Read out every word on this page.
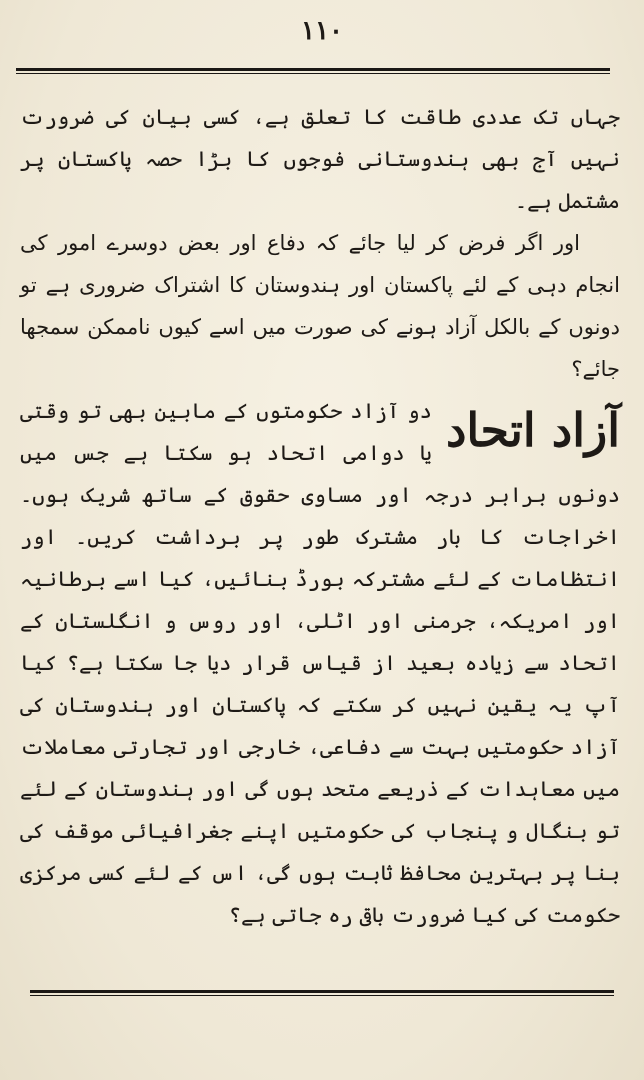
۱۱۰

جہاں تک عددی طاقت کا تعلق ہے، کسی بیان کی ضرورت نہیں آج بھی ہندوستانی فوجوں کا بڑا حصہ پاکستان پر مشتمل ہے۔

اور اگر فرض کر لیا جائے کہ دفاع اور بعض دوسرے امور کی انجام دہی کے لئے پاکستان اور ہندوستان کا اشتراک ضروری ہے تو دونوں کے بالکل آزاد ہونے کی صورت میں اسے کیوں ناممکن سمجھا جائے؟

آزاد اتحاد

دو آزاد حکومتوں کے مابین بھی تو وقتی یا دوامی اتحاد ہو سکتا ہے جس میں دونوں برابر درجہ اور مساوی حقوق کے ساتھ شریک ہوں۔ اخراجات کا بار مشترک طور پر برداشت کریں۔ اور انتظامات کے لئے مشترکہ بورڈ بنائیں، کیا اسے برطانیہ اور امریکہ، جرمنی اور اٹلی، اور روس و انگلستان کے اتحاد سے زیادہ بعید از قیاس قرار دیا جا سکتا ہے؟ کیا آپ یہ یقین نہیں کر سکتے کہ پاکستان اور ہندوستان کی آزاد حکومتیں بہت سے دفاعی، خارجی اور تجارتی معاملات میں معاہدات کے ذریعے متحد ہوں گی اور ہندوستان کے لئے تو بنگال و پنجاب کی حکومتیں اپنے جغرافیائی موقف کی بنا پر بہترین محافظ ثابت ہوں گی، اس کے لئے کسی مرکزی حکومت کی کیا ضرورت باقی رہ جاتی ہے؟
